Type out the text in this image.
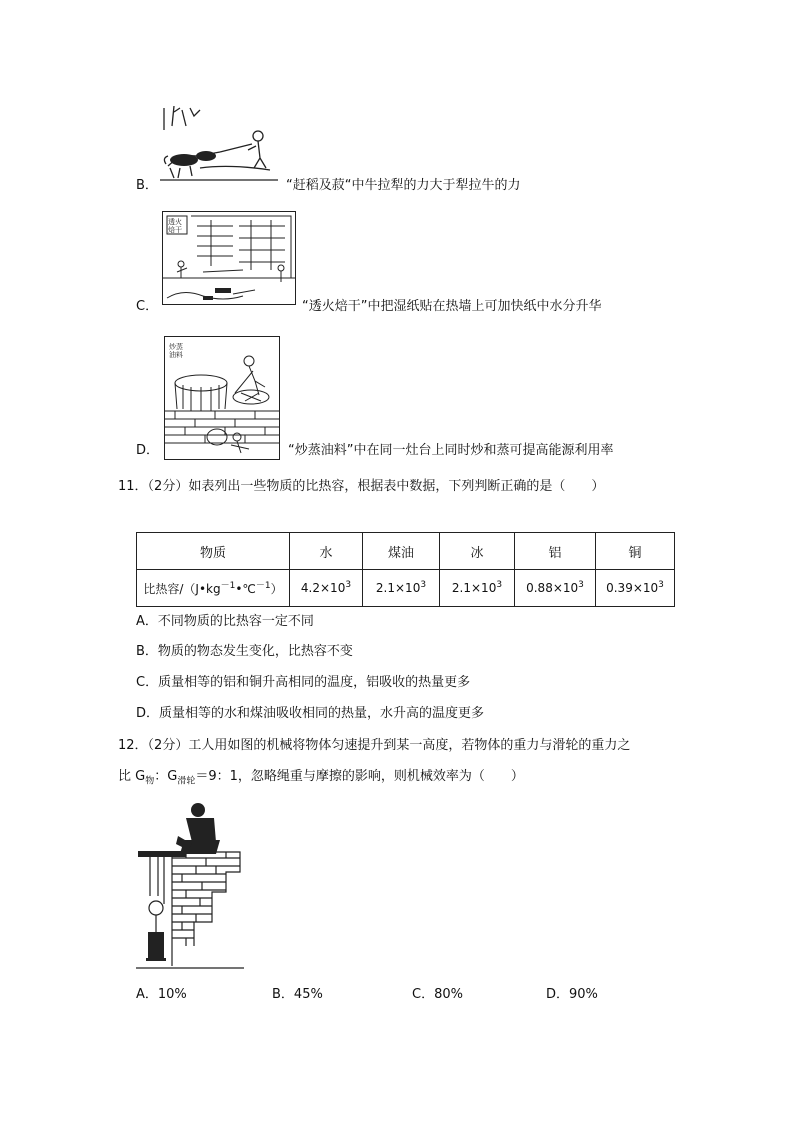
B．	“赶稻及菽“中牛拉犁的力大于犁拉牛的力
透火
焙干
C．	“透火焙干”中把湿纸贴在热墙上可加快纸中水分升华
炒蒸
油料
D．	“炒蒸油料”中在同一灶台上同时炒和蒸可提高能源利用率
11．（2分）如表列出一些物质的比热容，根据表中数据，下列判断正确的是（　　）
物质	水	煤油	冰	铝	铜
比热容$/(J•kg^{-1}•℃^{-1})$	$4.2\times 10^3$	$2.1\times 10^3$	$2.1\times 10^3$	$0.88\times 10^3$	$0.39\times 10^3$
A．不同物质的比热容一定不同
B．物质的物态发生变化，比热容不变
C．质量相等的铝和铜升高相同的温度，铝吸收的热量更多
D．质量相等的水和煤油吸收相同的热量，水升高的温度更多
12．（2分）工人用如图的机械将物体匀速提升到某一高度，若物体的重力与滑轮的重力之
比 $G_物$：$G_{滑轮}=9$：1，忽略绳重与摩擦的影响，则机械效率为（　　）
A．10%	B．45%	C．80%	D．90%
